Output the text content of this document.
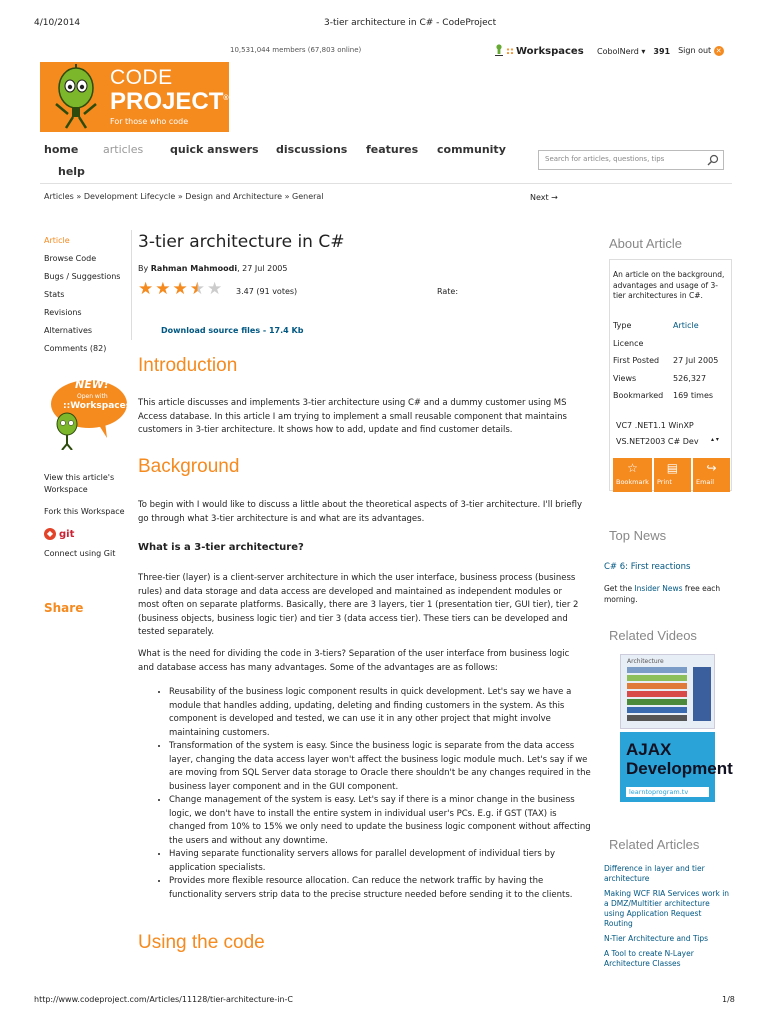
4/10/2014	3-tier architecture in C# - CodeProject
10,531,044 members (67,803 online)	:: Workspaces CobolNerd ▾ 391 Sign out ✕
CODE
PROJECT®
For those who code
home articles quick answers discussions features community
help
Search for articles, questions, tips
Articles » Development Lifecycle » Design and Architecture » General	Next →
Article
Browse Code
Bugs / Suggestions
Stats
Revisions
Alternatives
Comments (82)
NEW!
Open with
::Workspaces
View this article's
Workspace
Fork this Workspace
◆ git
Connect using Git
Share
3-tier architecture in C#
By Rahman Mahmoodi, 27 Jul 2005
★ ★ ★ ★ ★ 3.47 (91 votes)	Rate:
Download source files - 17.4 Kb
Introduction
This article discusses and implements 3-tier architecture using C# and a dummy customer using MS Access database. In this article I am trying to implement a small reusable component that maintains customers in 3-tier architecture. It shows how to add, update and find customer details.
Background
To begin with I would like to discuss a little about the theoretical aspects of 3-tier architecture. I'll briefly go through what 3-tier architecture is and what are its advantages.
What is a 3-tier architecture?
Three-tier (layer) is a client-server architecture in which the user interface, business process (business rules) and data storage and data access are developed and maintained as independent modules or most often on separate platforms. Basically, there are 3 layers, tier 1 (presentation tier, GUI tier), tier 2 (business objects, business logic tier) and tier 3 (data access tier). These tiers can be developed and tested separately.
What is the need for dividing the code in 3-tiers? Separation of the user interface from business logic and database access has many advantages. Some of the advantages are as follows:
• Reusability of the business logic component results in quick development. Let's say we have a module that handles adding, updating, deleting and finding customers in the system. As this component is developed and tested, we can use it in any other project that might involve maintaining customers.
• Transformation of the system is easy. Since the business logic is separate from the data access layer, changing the data access layer won't affect the business logic module much. Let's say if we are moving from SQL Server data storage to Oracle there shouldn't be any changes required in the business layer component and in the GUI component.
• Change management of the system is easy. Let's say if there is a minor change in the business logic, we don't have to install the entire system in individual user's PCs. E.g. if GST (TAX) is changed from 10% to 15% we only need to update the business logic component without affecting the users and without any downtime.
• Having separate functionality servers allows for parallel development of individual tiers by application specialists.
• Provides more flexible resource allocation. Can reduce the network traffic by having the functionality servers strip data to the precise structure needed before sending it to the clients.
Using the code
About Article
An article on the background, advantages and usage of 3-tier architectures in C#.
Type	Article
Licence
First Posted 27 Jul 2005
Views	526,327
Bookmarked 169 times
VC7 .NET1.1 WinXP
VS.NET2003 C# Dev ▴ ▾
☆
Bookmark
▤
Print
↪
Email
Top News
C# 6: First reactions
Get the Insider News free each morning.
Related Videos
Architecture
AJAX Development
learntoprogram.tv
Related Articles
Difference in layer and tier architecture
Making WCF RIA Services work in a DMZ/Multitier architecture using Application Request Routing
N-Tier Architecture and Tips
A Tool to create N-Layer Architecture Classes
http://www.codeproject.com/Articles/11128/tier-architecture-in-C	1/8
